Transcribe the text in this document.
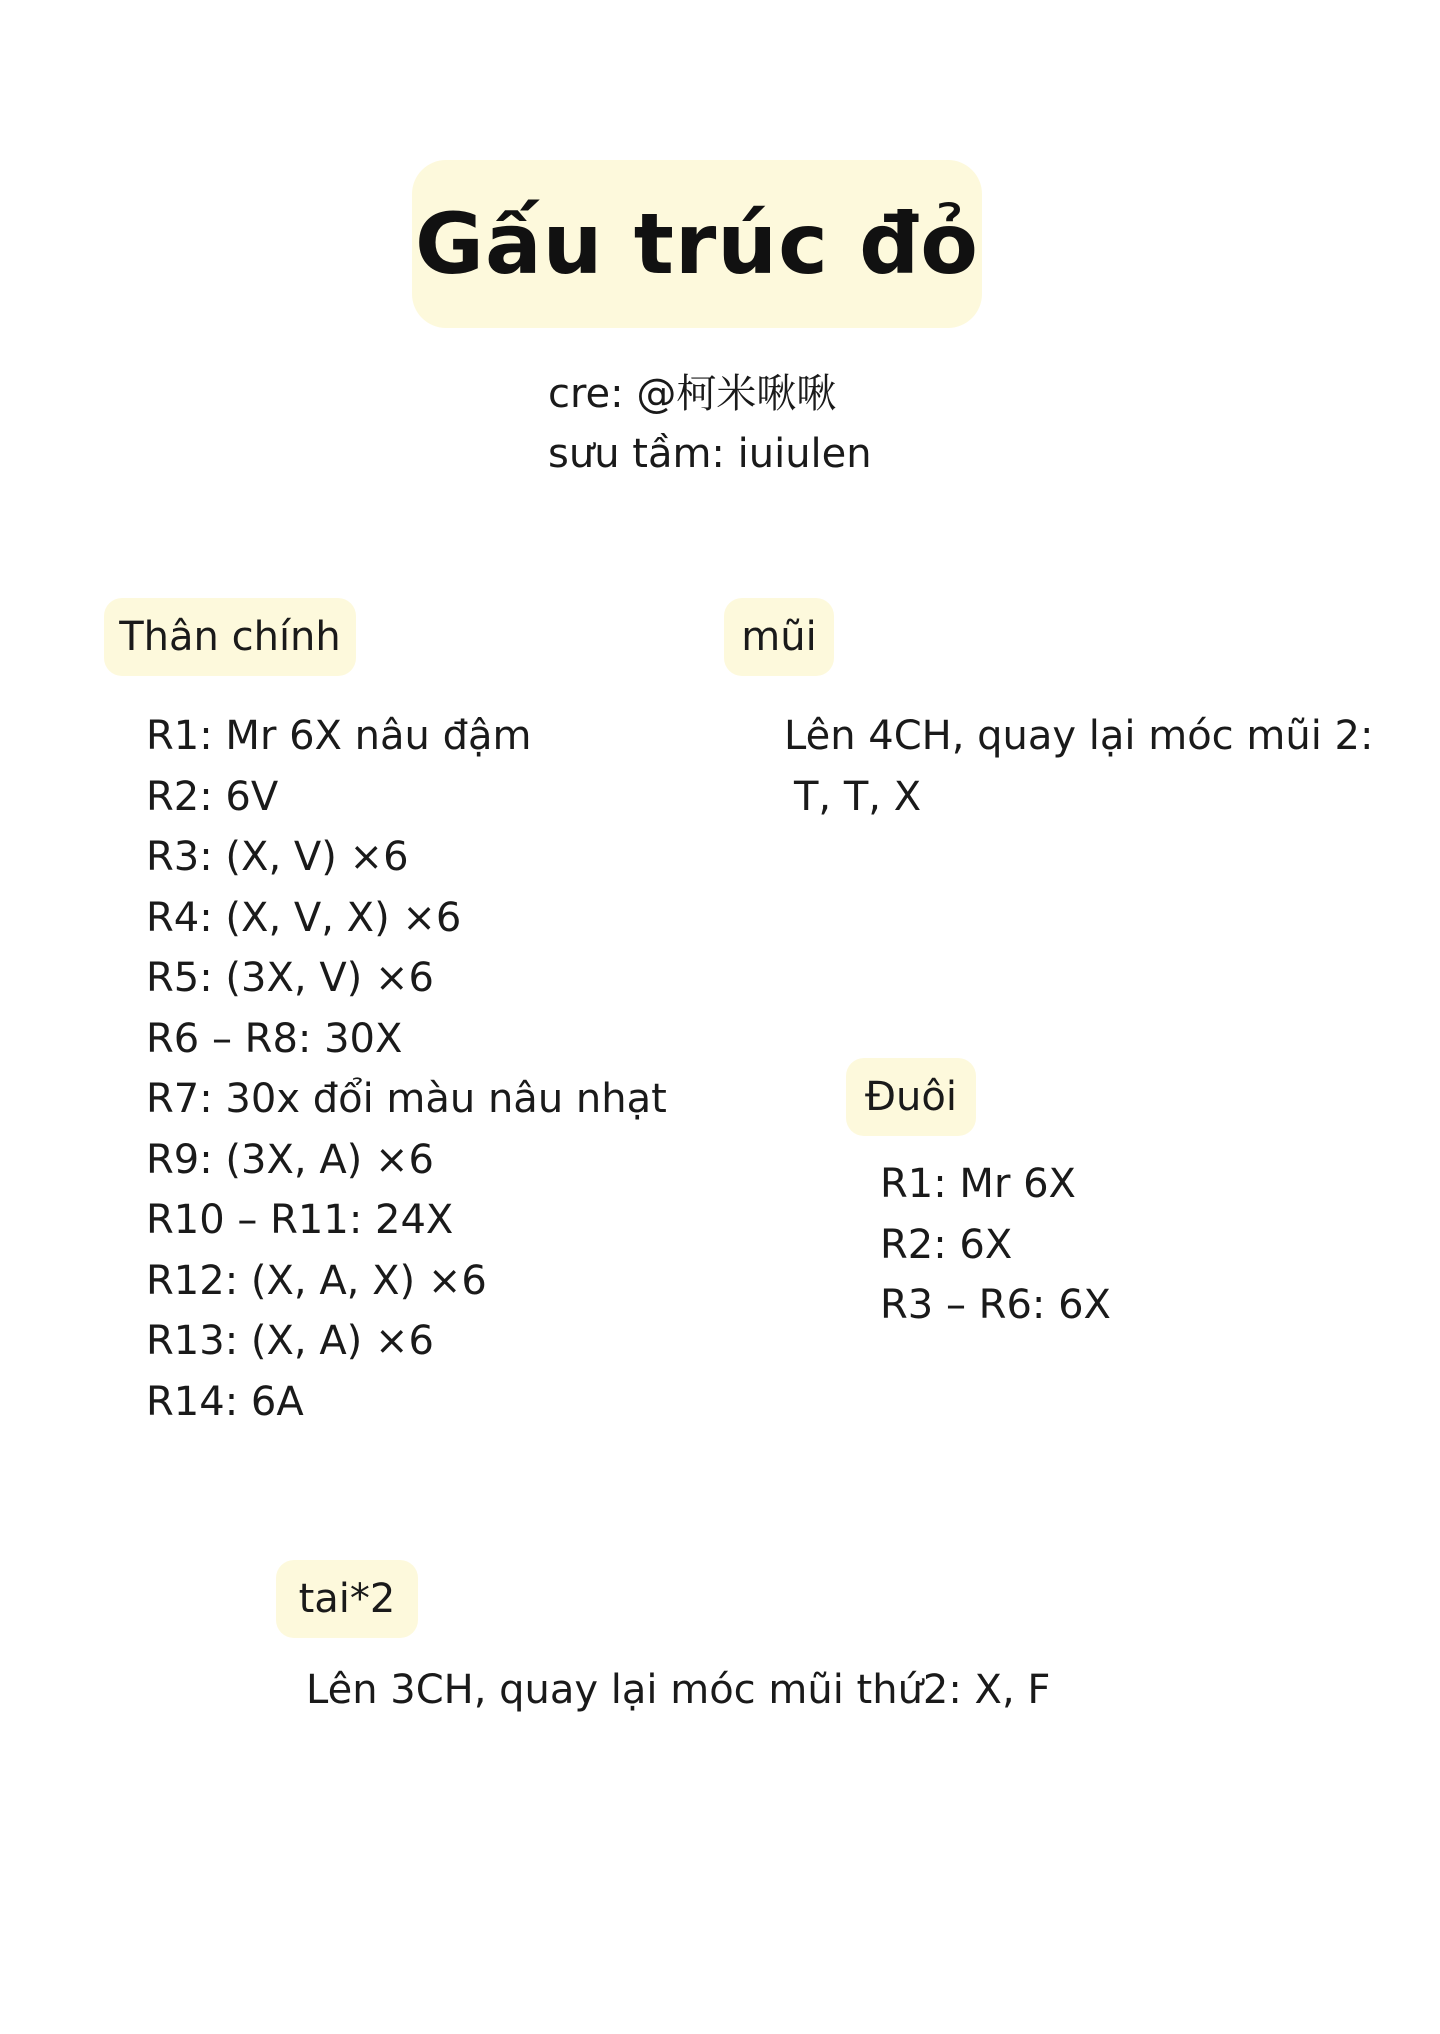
Gấu trúc đỏ
cre: @柯米啾啾
sưu tầm: iuiulen
Thân chính
R1: Mr 6X nâu đậm
R2: 6V
R3: (X, V) ×6
R4: (X, V, X) ×6
R5: (3X, V) ×6
R6 – R8: 30X
R7: 30x đổi màu nâu nhạt
R9: (3X, A) ×6
R10 – R11: 24X
R12: (X, A, X) ×6
R13: (X, A) ×6
R14: 6A
mũi
Lên 4CH, quay lại móc mũi 2:
T, T, X
Đuôi
R1: Mr 6X
R2: 6X
R3 – R6: 6X
tai*2
Lên 3CH, quay lại móc mũi thứ2: X, F
